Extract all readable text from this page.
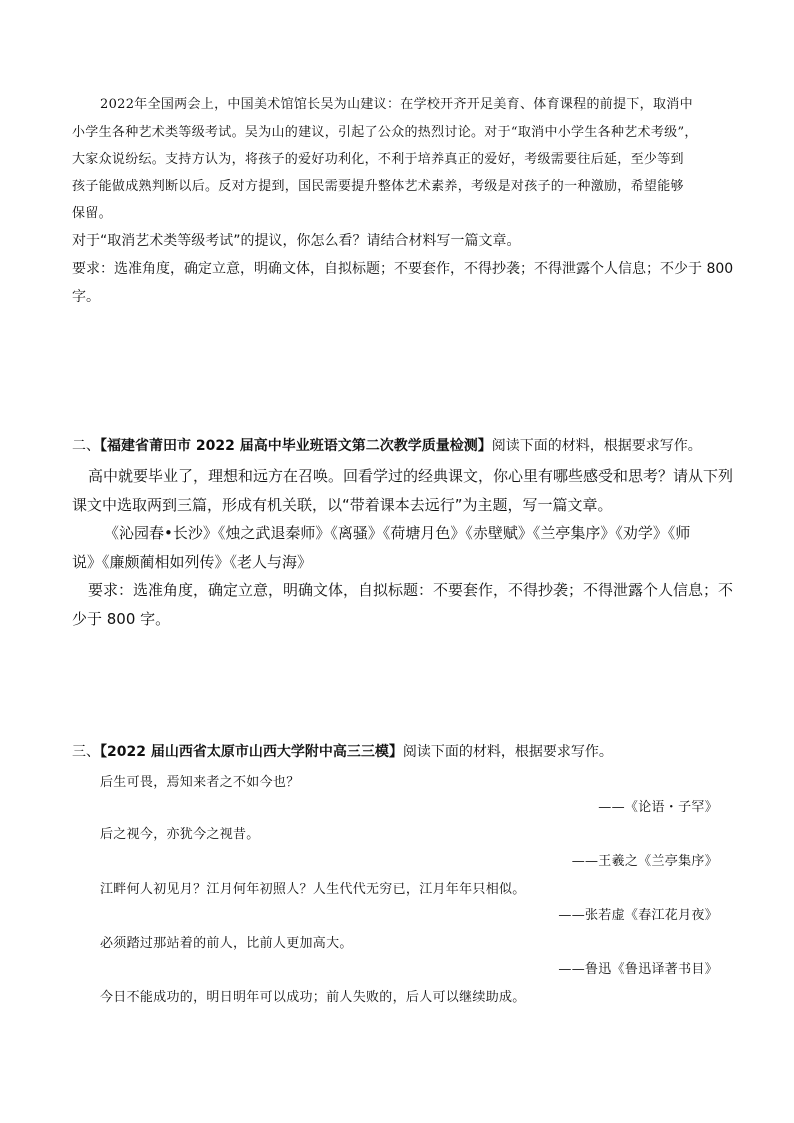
2022年全国两会上，中国美术馆馆长吴为山建议：在学校开齐开足美育、体育课程的前提下，取消中
小学生各种艺术类等级考试。吴为山的建议，引起了公众的热烈讨论。对于“取消中小学生各种艺术考级”，
大家众说纷纭。支持方认为，将孩子的爱好功利化，不利于培养真正的爱好，考级需要往后延，至少等到
孩子能做成熟判断以后。反对方提到，国民需要提升整体艺术素养，考级是对孩子的一种激励，希望能够
保留。
对于“取消艺术类等级考试”的提议，你怎么看？请结合材料写一篇文章。
要求：选准角度，确定立意，明确文体，自拟标题；不要套作，不得抄袭；不得泄露个人信息；不少于 800
字。
二、【福建省莆田市 2022 届高中毕业班语文第二次教学质量检测】阅读下面的材料，根据要求写作。
高中就要毕业了，理想和远方在召唤。回看学过的经典课文，你心里有哪些感受和思考？请从下列
课文中选取两到三篇，形成有机关联，以“带着课本去远行”为主题，写一篇文章。
《沁园春•长沙》《烛之武退秦师》《离骚》《荷塘月色》《赤壁赋》《兰亭集序》《劝学》《师
说》《廉颇蔺相如列传》《老人与海》
要求：选准角度，确定立意，明确文体，自拟标题：不要套作，不得抄袭；不得泄露个人信息；不
少于 800 字。
三、【2022 届山西省太原市山西大学附中高三三模】阅读下面的材料，根据要求写作。
后生可畏，焉知来者之不如今也？
——《论语・子罕》
后之视今，亦犹今之视昔。
——王羲之《兰亭集序》
江畔何人初见月？江月何年初照人？人生代代无穷已，江月年年只相似。
——张若虚《春江花月夜》
必须踏过那站着的前人，比前人更加高大。
——鲁迅《鲁迅译著书目》
今日不能成功的，明日明年可以成功；前人失败的，后人可以继续助成。
